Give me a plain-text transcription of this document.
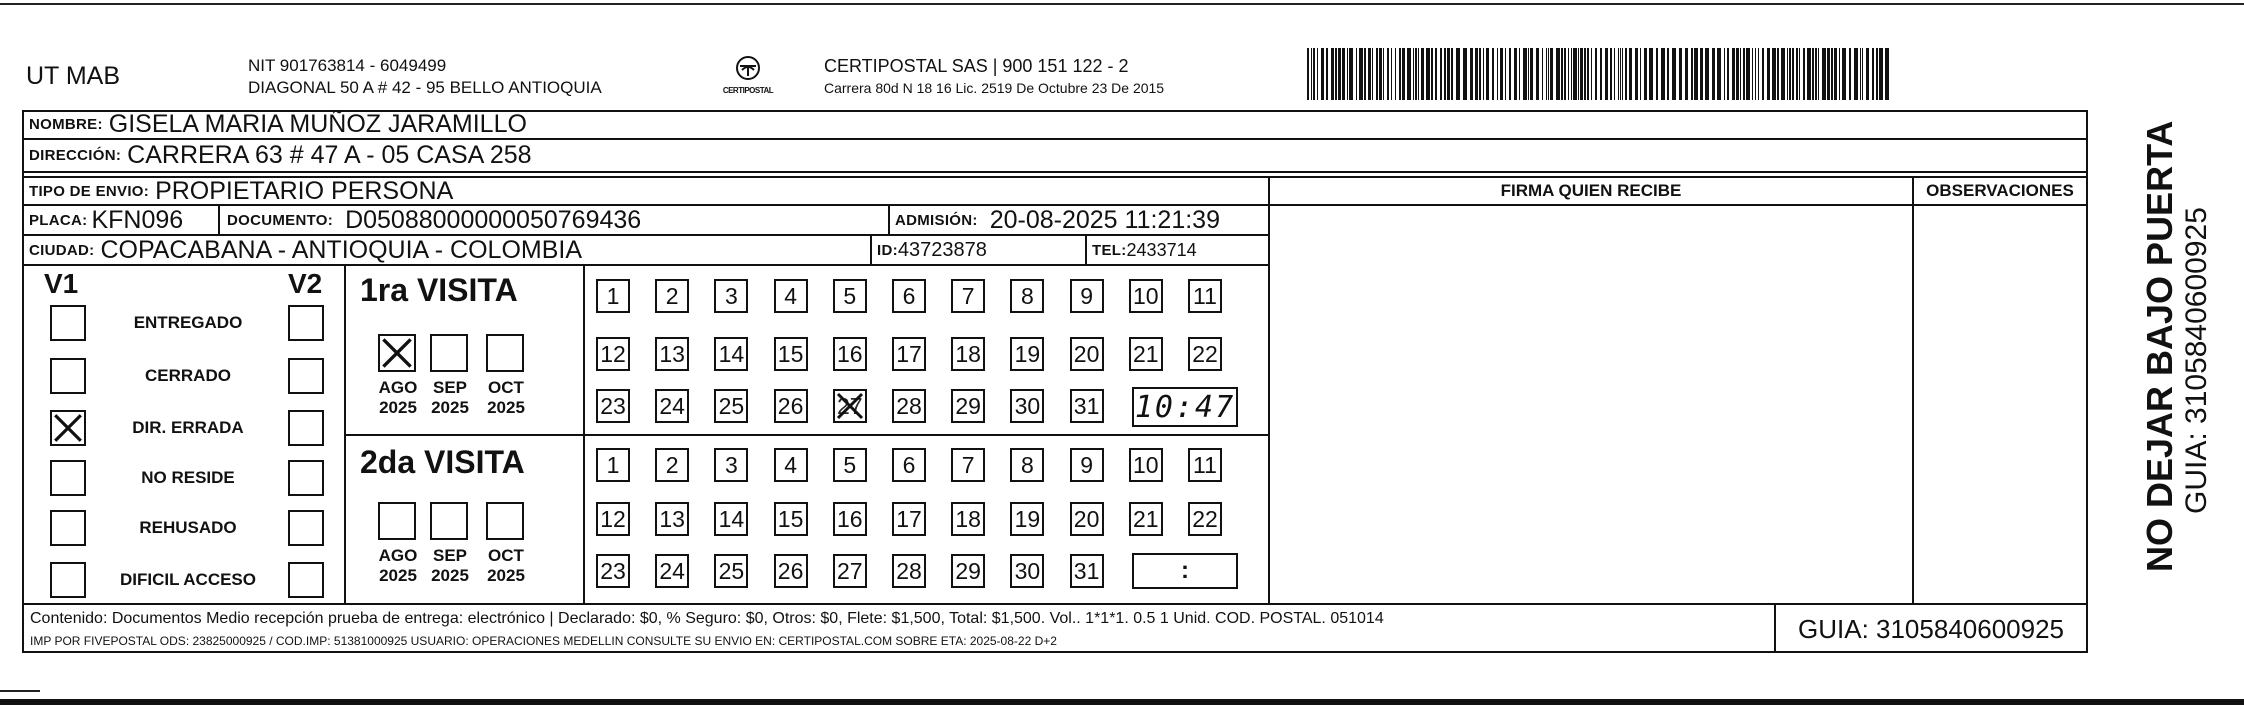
UT MAB	NIT 901763814 - 6049499
DIAGONAL 50 A # 42 - 95 BELLO ANTIOQUIA	CERTIPOSTAL
CERTIPOSTAL SAS | 900 151 122 - 2
Carrera 80d N 18 16 Lic. 2519 De Octubre 23 De 2015
NOMBRE: GISELA MARIA MUÑOZ JARAMILLO
DIRECCIÓN: CARRERA 63 # 47 A - 05 CASA 258
TIPO DE ENVIO: PROPIETARIO PERSONA
PLACA: KFN096	DOCUMENTO: D05088000000050769436	ADMISIÓN: 20-08-2025 11:21:39
CIUDAD: COPACABANA - ANTIOQUIA - COLOMBIA	ID: 43723878	TEL: 2433714
FIRMA QUIEN RECIBE	OBSERVACIONES
V1	V2
ENTREGADO
CERRADO
DIR. ERRADA
NO RESIDE
REHUSADO
DIFICIL ACCESO
1ra VISITA
AGO
2025
SEP
2025
OCT
2025
1 2 3 4 5 6 7 8 9 10 11
12 13 14 15 16 17 18 19 20 21 22
23 24 25 26 27 28 29 30 31 10:47
2da VISITA
AGO
2025
SEP
2025
OCT
2025
1 2 3 4 5 6 7 8 9 10 11
12 13 14 15 16 17 18 19 20 21 22
23 24 25 26 27 28 29 30 31	:
Contenido: Documentos Medio recepción prueba de entrega: electrónico | Declarado: $0, % Seguro: $0, Otros: $0, Flete: $1,500, Total: $1,500. Vol.. 1*1*1. 0.5 1 Unid. COD. POSTAL. 051014
IMP POR FIVEPOSTAL ODS: 23825000925 / COD.IMP: 51381000925 USUARIO: OPERACIONES MEDELLIN CONSULTE SU ENVIO EN: CERTIPOSTAL.COM SOBRE ETA: 2025-08-22 D+2	GUIA: 3105840600925
NO DEJAR BAJO PUERTA GUIA: 3105840600925
